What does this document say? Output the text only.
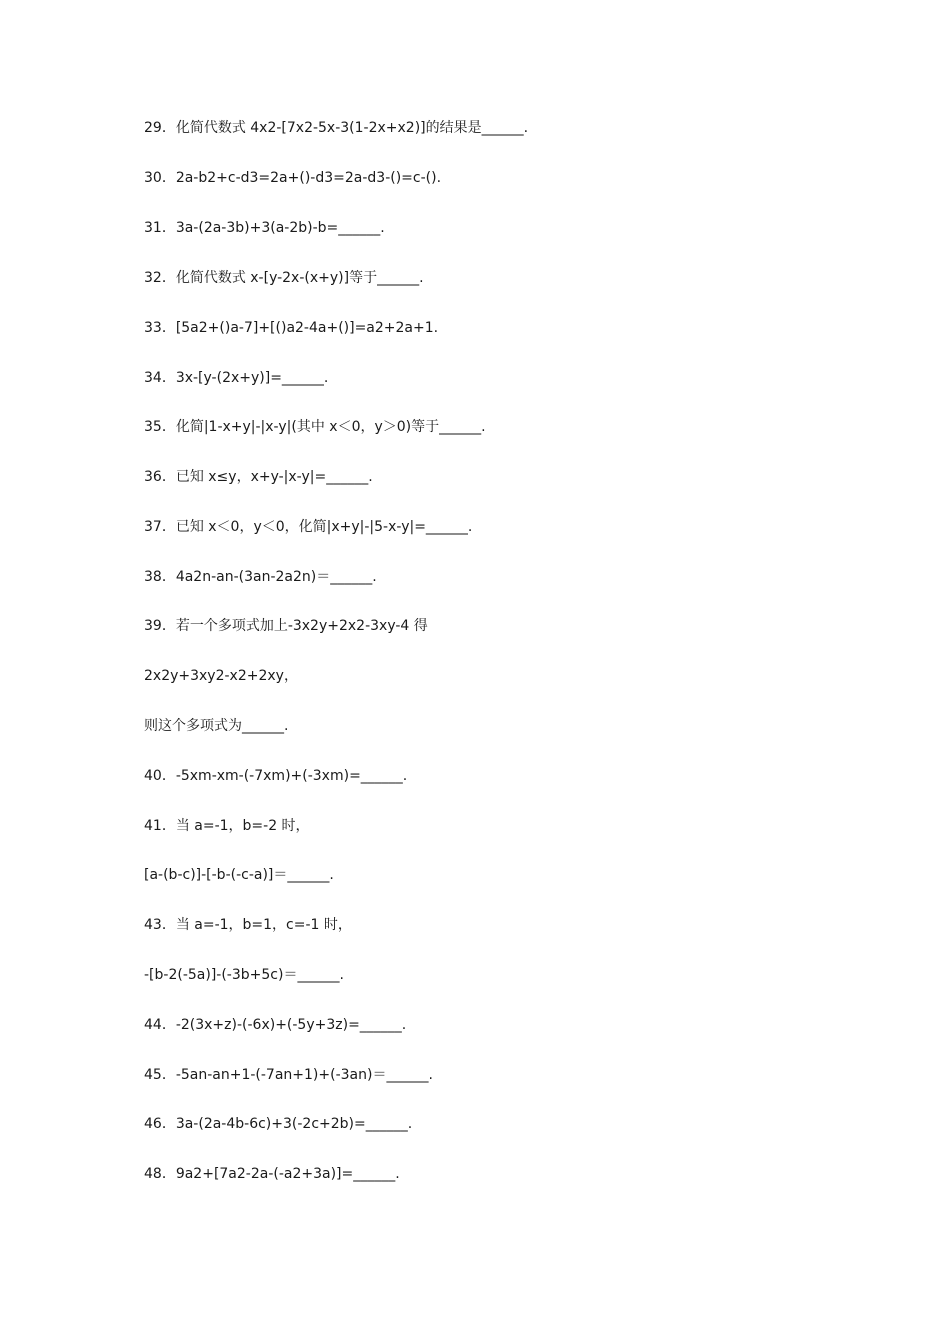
29．化简代数式 4x2-[7x2-5x-3(1-2x+x2)]的结果是______.
30．2a-b2+c-d3=2a+()-d3=2a-d3-()=c-().
31．3a-(2a-3b)+3(a-2b)-b=______.
32．化简代数式 x-[y-2x-(x+y)]等于______.
33．[5a2+()a-7]+[()a2-4a+()]=a2+2a+1.
34．3x-[y-(2x+y)]=______.
35．化简|1-x+y|-|x-y|(其中 x＜0，y＞0)等于______.
36．已知 x≤y，x+y-|x-y|=______.
37．已知 x＜0，y＜0，化简|x+y|-|5-x-y|=______.
38．4a2n-an-(3an-2a2n)＝______.
39．若一个多项式加上-3x2y+2x2-3xy-4 得
2x2y+3xy2-x2+2xy，
则这个多项式为______.
40．-5xm-xm-(-7xm)+(-3xm)=______.
41．当 a=-1，b=-2 时，
[a-(b-c)]-[-b-(-c-a)]＝______.
43．当 a=-1，b=1，c=-1 时，
-[b-2(-5a)]-(-3b+5c)＝______.
44．-2(3x+z)-(-6x)+(-5y+3z)=______.
45．-5an-an+1-(-7an+1)+(-3an)＝______.
46．3a-(2a-4b-6c)+3(-2c+2b)=______.
48．9a2+[7a2-2a-(-a2+3a)]=______.
